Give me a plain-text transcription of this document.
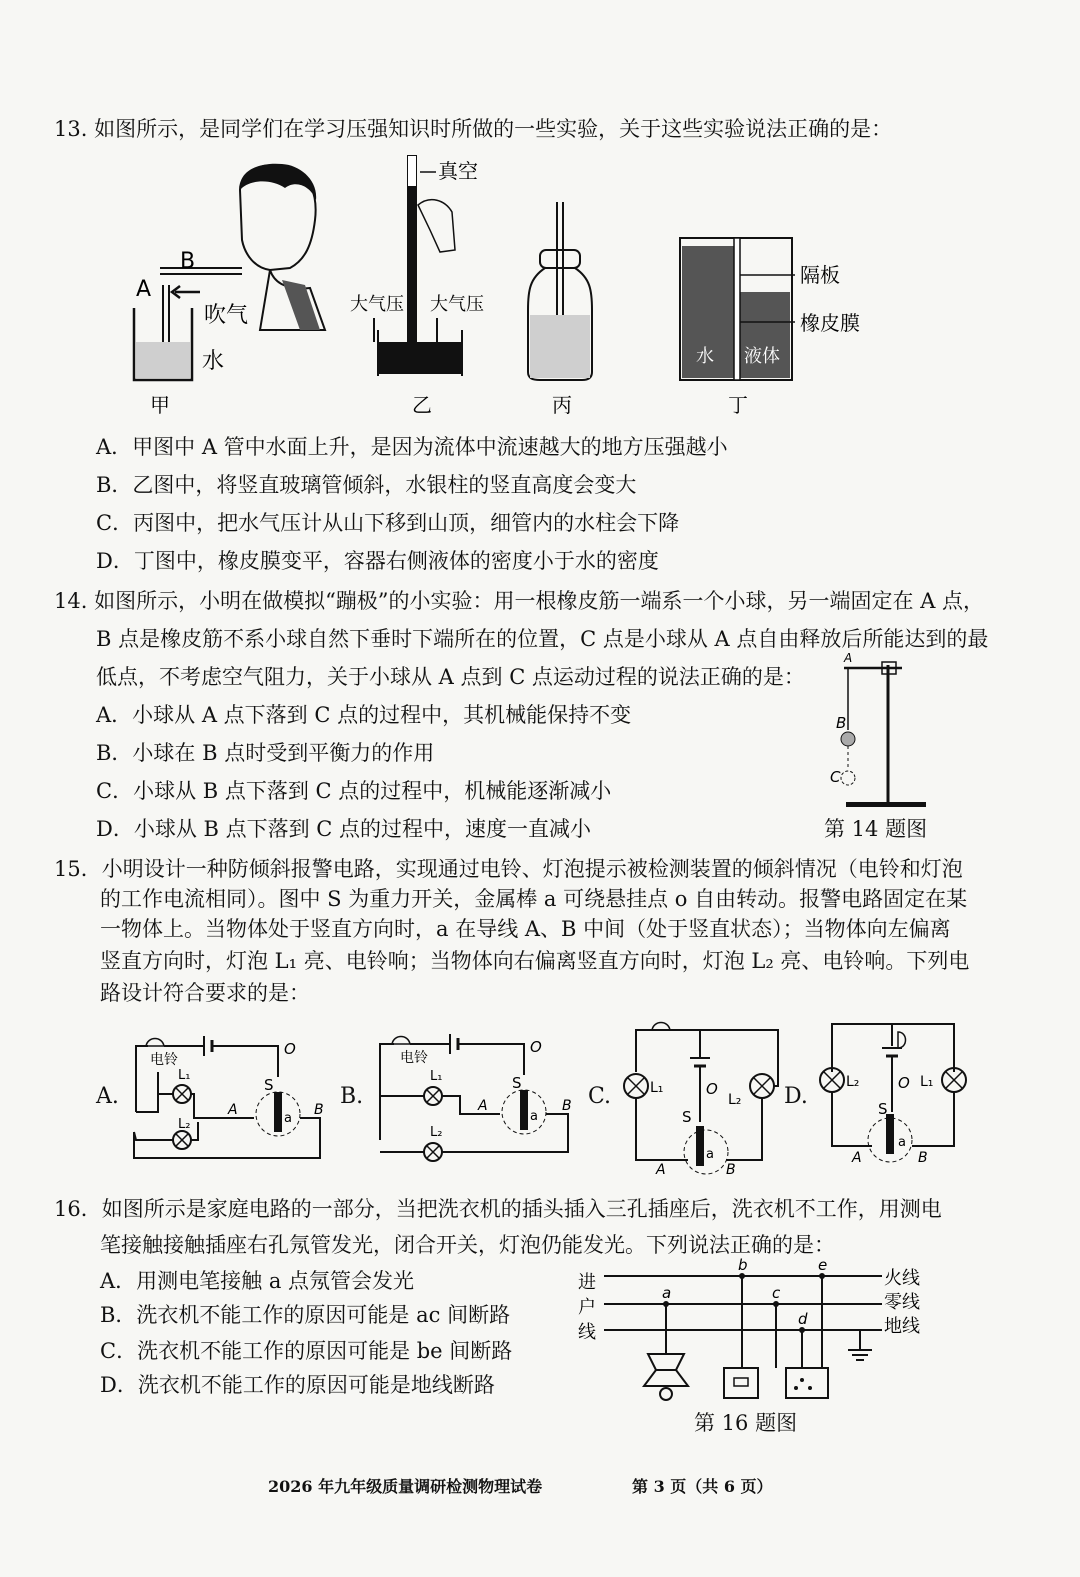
13. 如图所示，是同学们在学习压强知识时所做的一些实验，关于这些实验说法正确的是：
B
A
吹气
水
甲
真空
大气压 大气压
乙	丙
隔板
橡皮膜
水 液体
丁
A．甲图中 A 管中水面上升，是因为流体中流速越大的地方压强越小
B．乙图中，将竖直玻璃管倾斜，水银柱的竖直高度会变大
C．丙图中，把水气压计从山下移到山顶，细管内的水柱会下降
D．丁图中，橡皮膜变平，容器右侧液体的密度小于水的密度
14. 如图所示，小明在做模拟“蹦极”的小实验：用一根橡皮筋一端系一个小球，另一端固定在 A 点，
B 点是橡皮筋不系小球自然下垂时下端所在的位置，C 点是小球从 A 点自由释放后所能达到的最
低点，不考虑空气阻力，关于小球从 A 点到 C 点运动过程的说法正确的是：
A．小球从 A 点下落到 C 点的过程中，其机械能保持不变
B．小球在 B 点时受到平衡力的作用
C．小球从 B 点下落到 C 点的过程中，机械能逐渐减小
D．小球从 B 点下落到 C 点的过程中，速度一直减小
A
B
C
第 14 题图
15．小明设计一种防倾斜报警电路，实现通过电铃、灯泡提示被检测装置的倾斜情况（电铃和灯泡
的工作电流相同）。图中 S 为重力开关，金属棒 a 可绕悬挂点 o 自由转动。报警电路固定在某
一物体上。当物体处于竖直方向时，a 在导线 A、B 中间（处于竖直状态）；当物体向左偏离
竖直方向时，灯泡 L₁ 亮、电铃响；当物体向右偏离竖直方向时，灯泡 L₂ 亮、电铃响。下列电
路设计符合要求的是：
A.
电铃
L₁
L₂
S
O
a
A	B
B.
电铃
L₁
L₂
S
O
a
A	B C.	L₁
L₂
O
S
a
A	B
D.
L₂	O L₁
S
a
A	B
16．如图所示是家庭电路的一部分，当把洗衣机的插头插入三孔插座后，洗衣机不工作，用测电
笔接触接触插座右孔氖管发光，闭合开关，灯泡仍能发光。下列说法正确的是：
A．用测电笔接触 a 点氖管会发光
B．洗衣机不能工作的原因可能是 ac 间断路
C．洗衣机不能工作的原因可能是 be 间断路
D．洗衣机不能工作的原因可能是地线断路
进
户
线
火线
零线
地线
a
b
c
d
e
第 16 题图
2026 年九年级质量调研检测物理试卷	第 3 页（共 6 页）
